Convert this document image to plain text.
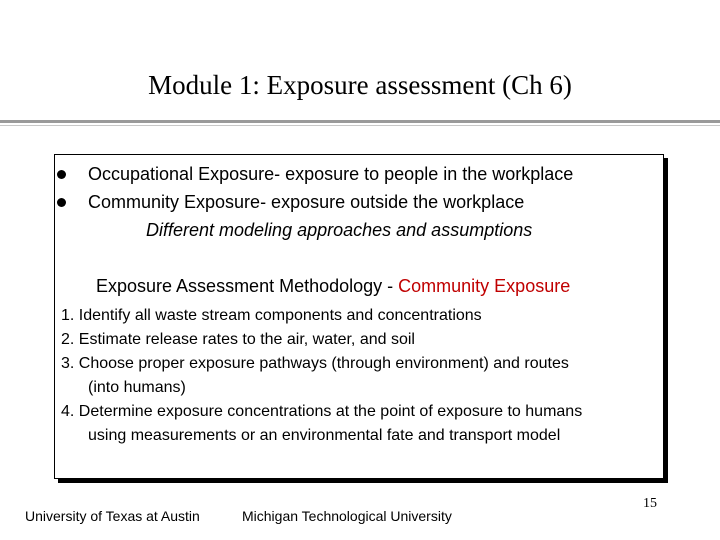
Module 1: Exposure assessment (Ch 6)
Occupational Exposure- exposure to people in the workplace
Community Exposure- exposure outside the workplace
Different modeling approaches and assumptions
Exposure Assessment Methodology - Community Exposure
1. Identify all waste stream components and concentrations
2. Estimate release rates to the air, water, and soil
3. Choose proper exposure pathways (through environment) and routes
(into humans)
4. Determine exposure concentrations at the point of exposure to humans
using measurements or an environmental fate and transport model
University of Texas at Austin	Michigan Technological University
15
